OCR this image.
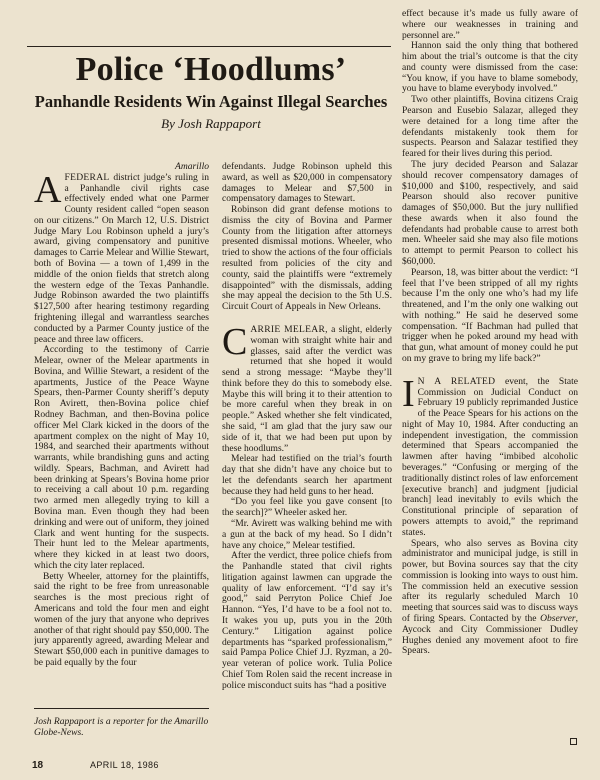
Police ‘Hoodlums’
Panhandle Residents Win Against Illegal Searches
By Josh Rappaport

Amarillo

AFEDERAL district judge’s ruling in a Panhandle civil rights case effectively ended what one Parmer County resident called “open season on our citizens.” On March 12, U.S. District Judge Mary Lou Robinson upheld a jury’s award, giving compensatory and punitive damages to Carrie Melear and Willie Stewart, both of Bovina — a town of 1,499 in the middle of the onion fields that stretch along the western edge of the Texas Panhandle. Judge Robinson awarded the two plaintiffs $127,500 after hearing testimony regarding frightening illegal and warrantless searches conducted by a Parmer County justice of the peace and three law officers.

According to the testimony of Carrie Melear, owner of the Melear apartments in Bovina, and Willie Stewart, a resident of the apartments, Justice of the Peace Wayne Spears, then-Parmer County sheriff’s deputy Ron Avirett, then-Bovina police chief Rodney Bachman, and then-Bovina police officer Mel Clark kicked in the doors of the apartment complex on the night of May 10, 1984, and searched their apartments without warrants, while brandishing guns and acting wildly. Spears, Bachman, and Avirett had been drinking at Spears’s Bovina home prior to receiving a call about 10 p.m. regarding two armed men allegedly trying to kill a Bovina man. Even though they had been drinking and were out of uniform, they joined Clark and went hunting for the suspects. Their hunt led to the Melear apartments, where they kicked in at least two doors, which the city later replaced.

Betty Wheeler, attorney for the plaintiffs, said the right to be free from unreasonable searches is the most precious right of Americans and told the four men and eight women of the jury that anyone who deprives another of that right should pay $50,000. The jury apparently agreed, awarding Melear and Stewart $50,000 each in punitive damages to be paid equally by the four

Josh Rappaport is a reporter for the Amarillo Globe-News.

defendants. Judge Robinson upheld this award, as well as $20,000 in compensatory damages to Melear and $7,500 in compensatory damages to Stewart.

Robinson did grant defense motions to dismiss the city of Bovina and Parmer County from the litigation after attorneys presented dismissal motions. Wheeler, who tried to show the actions of the four officials resulted from policies of the city and county, said the plaintiffs were “extremely disappointed” with the dismissals, adding she may appeal the decision to the 5th U.S. Circuit Court of Appeals in New Orleans.

CARRIE MELEAR, a slight, elderly woman with straight white hair and glasses, said after the verdict was returned that she hoped it would send a strong message: “Maybe they’ll think before they do this to somebody else. Maybe this will bring it to their attention to be more careful when they break in on people.” Asked whether she felt vindicated, she said, “I am glad that the jury saw our side of it, that we had been put upon by these hoodlums.”

Melear had testified on the trial’s fourth day that she didn’t have any choice but to let the defendants search her apartment because they had held guns to her head.

“Do you feel like you gave consent [to the search]?” Wheeler asked her.

“Mr. Avirett was walking behind me with a gun at the back of my head. So I didn’t have any choice,” Melear testified.

After the verdict, three police chiefs from the Panhandle stated that civil rights litigation against lawmen can upgrade the quality of law enforcement. “I’d say it’s good,” said Perryton Police Chief Joe Hannon. “Yes, I’d have to be a fool not to. It wakes you up, puts you in the 20th Century.” Litigation against police departments has “sparked professionalism,” said Pampa Police Chief J.J. Ryzman, a 20-year veteran of police work. Tulia Police Chief Tom Rolen said the recent increase in police misconduct suits has “had a positive

effect because it’s made us fully aware of where our weaknesses in training and personnel are.”

Hannon said the only thing that bothered him about the trial’s outcome is that the city and county were dismissed from the case: “You know, if you have to blame somebody, you have to blame everybody involved.”

Two other plaintiffs, Bovina citizens Craig Pearson and Eusebio Salazar, alleged they were detained for a long time after the defendants mistakenly took them for suspects. Pearson and Salazar testified they feared for their lives during this period.

The jury decided Pearson and Salazar should recover compensatory damages of $10,000 and $100, respectively, and said Pearson should also recover punitive damages of $50,000. But the jury nullified these awards when it also found the defendants had probable cause to arrest both men. Wheeler said she may also file motions to attempt to permit Pearson to collect his $60,000.

Pearson, 18, was bitter about the verdict: “I feel that I’ve been stripped of all my rights because I’m the only one who’s had my life threatened, and I’m the only one walking out with nothing.” He said he deserved some compensation. “If Bachman had pulled that trigger when he poked around my head with that gun, what amount of money could he put on my grave to bring my life back?”

I N A RELATED event, the State Commission on Judicial Conduct on February 19 publicly reprimanded Justice of the Peace Spears for his actions on the night of May 10, 1984. After conducting an independent investigation, the commission determined that Spears accompanied the lawmen after having “imbibed alcoholic beverages.” “Confusing or merging of the traditionally distinct roles of law enforcement [executive branch] and judgment [judicial branch] lead inevitably to evils which the Constitutional principle of separation of powers attempts to avoid,” the reprimand states.

Spears, who also serves as Bovina city administrator and municipal judge, is still in power, but Bovina sources say that the city commission is looking into ways to oust him. The commission held an executive session after its regularly scheduled March 10 meeting that sources said was to discuss ways of firing Spears. Contacted by the Observer, Aycock and City Commissioner Dudley Hughes denied any movement afoot to fire Spears.

18	APRIL 18, 1986
